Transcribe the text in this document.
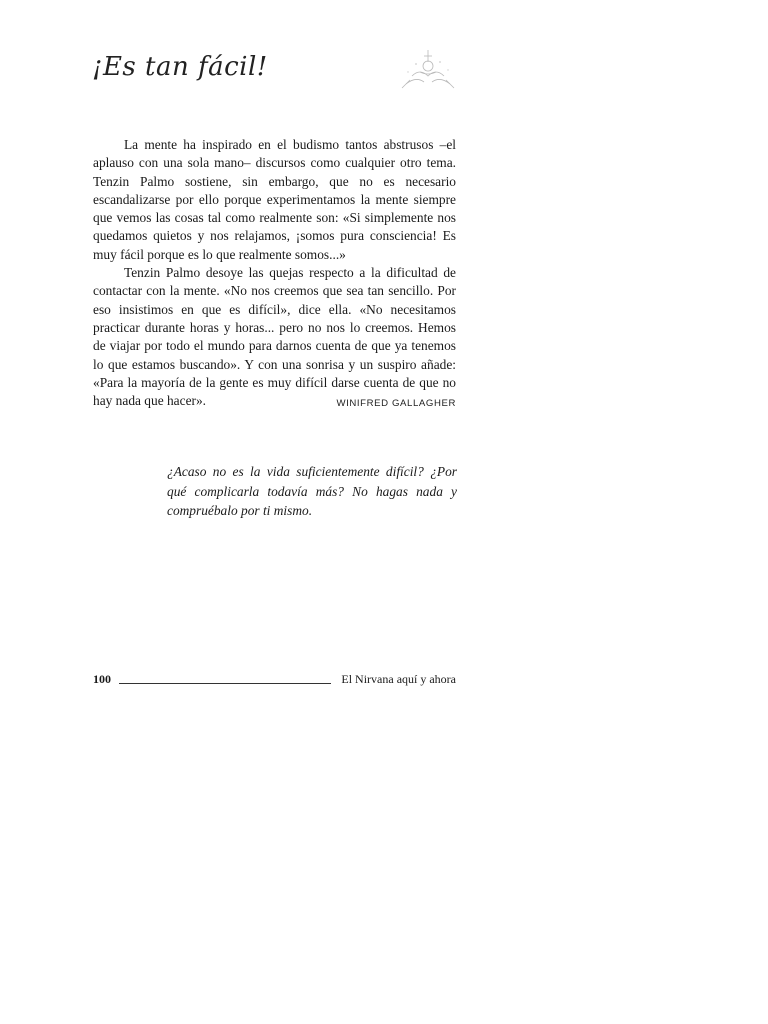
¡Es tan fácil!

La mente ha inspirado en el budismo tantos abstrusos –el aplauso con una sola mano– discursos como cualquier otro tema. Tenzin Palmo sostiene, sin embargo, que no es necesario escandalizarse por ello porque experimentamos la mente siempre que vemos las cosas tal como realmente son: «Si simplemente nos quedamos quietos y nos relajamos, ¡somos pura consciencia! Es muy fácil porque es lo que realmente somos...»

Tenzin Palmo desoye las quejas respecto a la dificultad de contactar con la mente. «No nos creemos que sea tan sencillo. Por eso insistimos en que es difícil», dice ella. «No necesitamos practicar durante horas y horas... pero no nos lo creemos. Hemos de viajar por todo el mundo para darnos cuenta de que ya tenemos lo que estamos buscando». Y con una sonrisa y un suspiro añade: «Para la mayoría de la gente es muy difícil darse cuenta de que no hay nada que hacer».	WINIFRED GALLAGHER
¿Acaso no es la vida suficientemente difícil? ¿Por qué complicarla todavía más? No hagas nada y compruébalo por ti mismo.
100	El Nirvana aquí y ahora
